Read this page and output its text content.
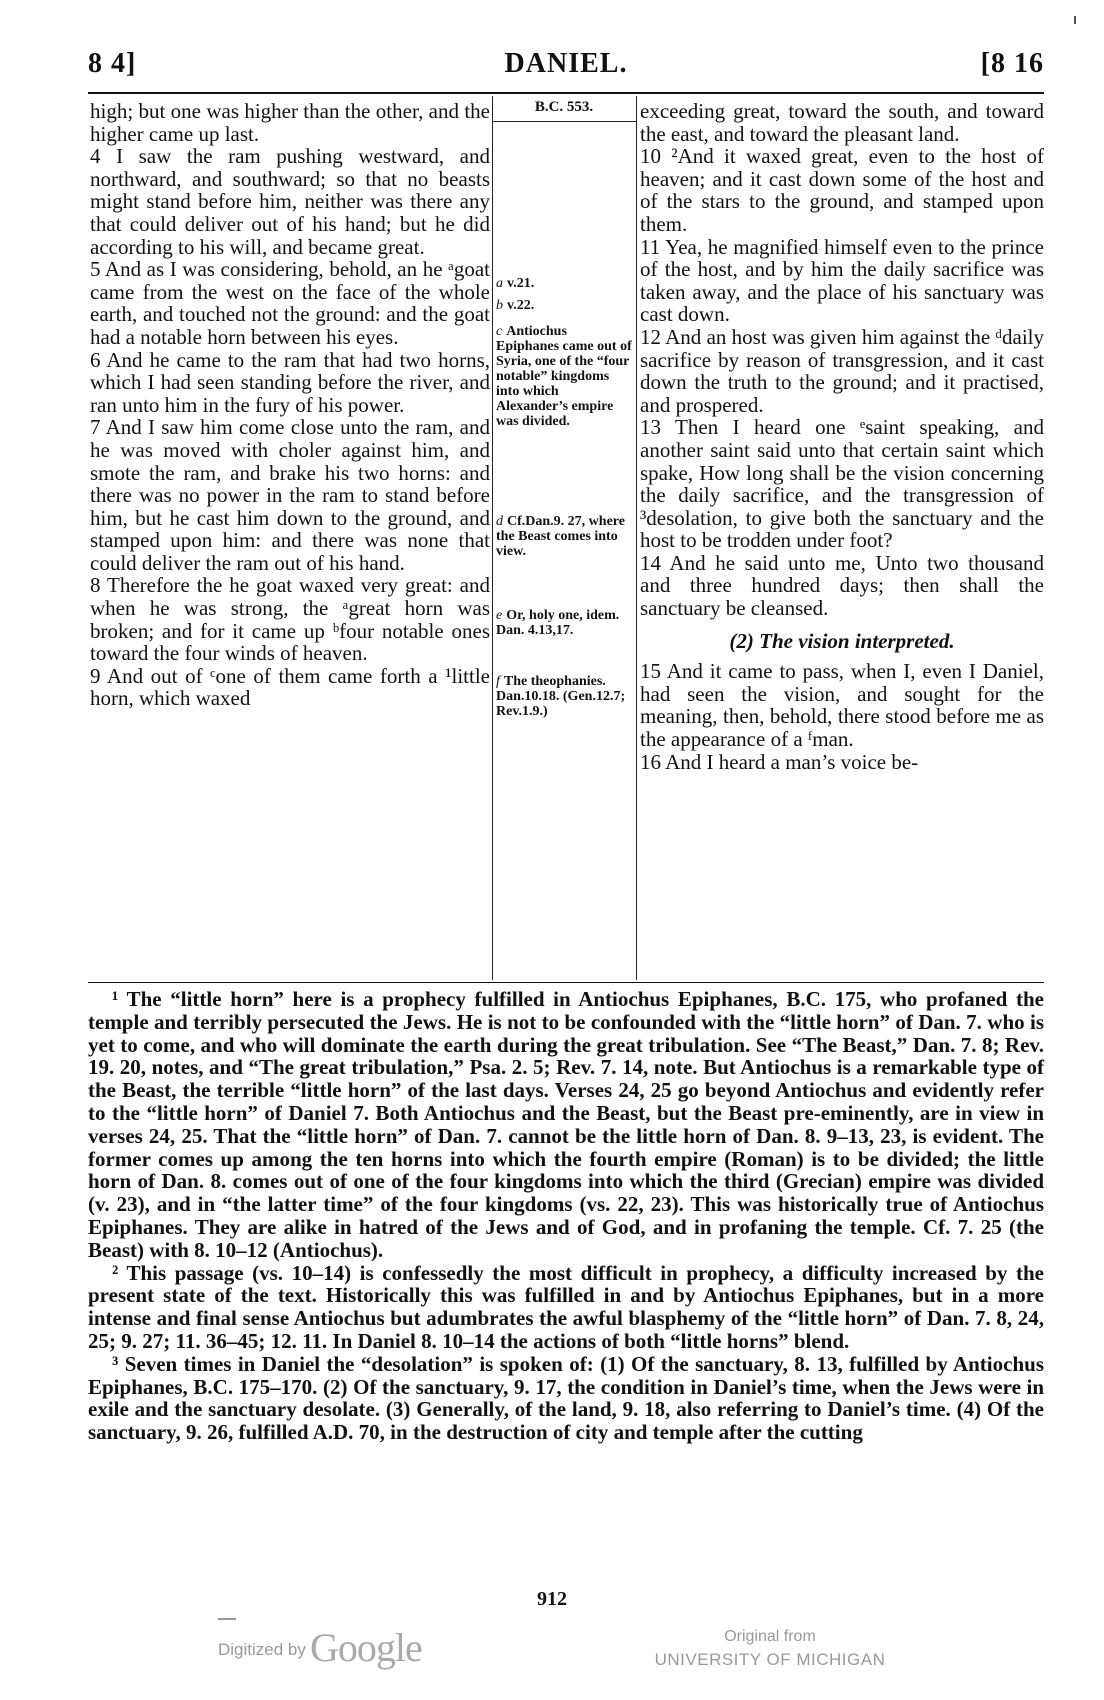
8 4]	DANIEL.	[8 16

high; but one was higher than the other, and the higher came up last.

4 I saw the ram pushing westward, and northward, and southward; so that no beasts might stand before him, neither was there any that could deliver out of his hand; but he did according to his will, and became great.

5 And as I was considering, behold, an he ᵃgoat came from the west on the face of the whole earth, and touched not the ground: and the goat had a notable horn between his eyes.

6 And he came to the ram that had two horns, which I had seen standing before the river, and ran unto him in the fury of his power.

7 And I saw him come close unto the ram, and he was moved with choler against him, and smote the ram, and brake his two horns: and there was no power in the ram to stand before him, but he cast him down to the ground, and stamped upon him: and there was none that could deliver the ram out of his hand.

8 Therefore the he goat waxed very great: and when he was strong, the ᵃgreat horn was broken; and for it came up ᵇfour notable ones toward the four winds of heaven.

9 And out of ᶜone of them came forth a ¹little horn, which waxed

B.C. 553.
a v.21.
b v.22.
c Antiochus Epiphanes came out of Syria, one of the “four notable” kingdoms into which Alexander’s empire was divided.
d Cf.Dan.9. 27, where the Beast comes into view.
e Or, holy one, idem. Dan. 4.13,17.
f The theophanies. Dan.10.18. (Gen.12.7; Rev.1.9.)

exceeding great, toward the south, and toward the east, and toward the pleasant land.

10 ²And it waxed great, even to the host of heaven; and it cast down some of the host and of the stars to the ground, and stamped upon them.

11 Yea, he magnified himself even to the prince of the host, and by him the daily sacrifice was taken away, and the place of his sanctuary was cast down.

12 And an host was given him against the ᵈdaily sacrifice by reason of transgression, and it cast down the truth to the ground; and it practised, and prospered.

13 Then I heard one ᵉsaint speaking, and another saint said unto that certain saint which spake, How long shall be the vision concerning the daily sacrifice, and the transgression of ³desolation, to give both the sanctuary and the host to be trodden under foot?

14 And he said unto me, Unto two thousand and three hundred days; then shall the sanctuary be cleansed.

(2) The vision interpreted.

15 And it came to pass, when I, even I Daniel, had seen the vision, and sought for the meaning, then, behold, there stood before me as the appearance of a ᶠman.

16 And I heard a man’s voice be-

¹ The “little horn” here is a prophecy fulfilled in Antiochus Epiphanes, B.C. 175, who profaned the temple and terribly persecuted the Jews. He is not to be confounded with the “little horn” of Dan. 7. who is yet to come, and who will dominate the earth during the great tribulation. See “The Beast,” Dan. 7. 8; Rev. 19. 20, notes, and “The great tribulation,” Psa. 2. 5; Rev. 7. 14, note. But Antiochus is a remarkable type of the Beast, the terrible “little horn” of the last days. Verses 24, 25 go beyond Antiochus and evidently refer to the “little horn” of Daniel 7. Both Antiochus and the Beast, but the Beast pre-eminently, are in view in verses 24, 25. That the “little horn” of Dan. 7. cannot be the little horn of Dan. 8. 9–13, 23, is evident. The former comes up among the ten horns into which the fourth empire (Roman) is to be divided; the little horn of Dan. 8. comes out of one of the four kingdoms into which the third (Grecian) empire was divided (v. 23), and in “the latter time” of the four kingdoms (vs. 22, 23). This was historically true of Antiochus Epiphanes. They are alike in hatred of the Jews and of God, and in profaning the temple. Cf. 7. 25 (the Beast) with 8. 10–12 (Antiochus).

² This passage (vs. 10–14) is confessedly the most difficult in prophecy, a difficulty increased by the present state of the text. Historically this was fulfilled in and by Antiochus Epiphanes, but in a more intense and final sense Antiochus but adumbrates the awful blasphemy of the “little horn” of Dan. 7. 8, 24, 25; 9. 27; 11. 36–45; 12. 11. In Daniel 8. 10–14 the actions of both “little horns” blend.

³ Seven times in Daniel the “desolation” is spoken of: (1) Of the sanctuary, 8. 13, fulfilled by Antiochus Epiphanes, B.C. 175–170. (2) Of the sanctuary, 9. 17, the condition in Daniel’s time, when the Jews were in exile and the sanctuary desolate. (3) Generally, of the land, 9. 18, also referring to Daniel’s time. (4) Of the sanctuary, 9. 26, fulfilled A.D. 70, in the destruction of city and temple after the cutting

912
Digitized by Google	Original from
UNIVERSITY OF MICHIGAN
